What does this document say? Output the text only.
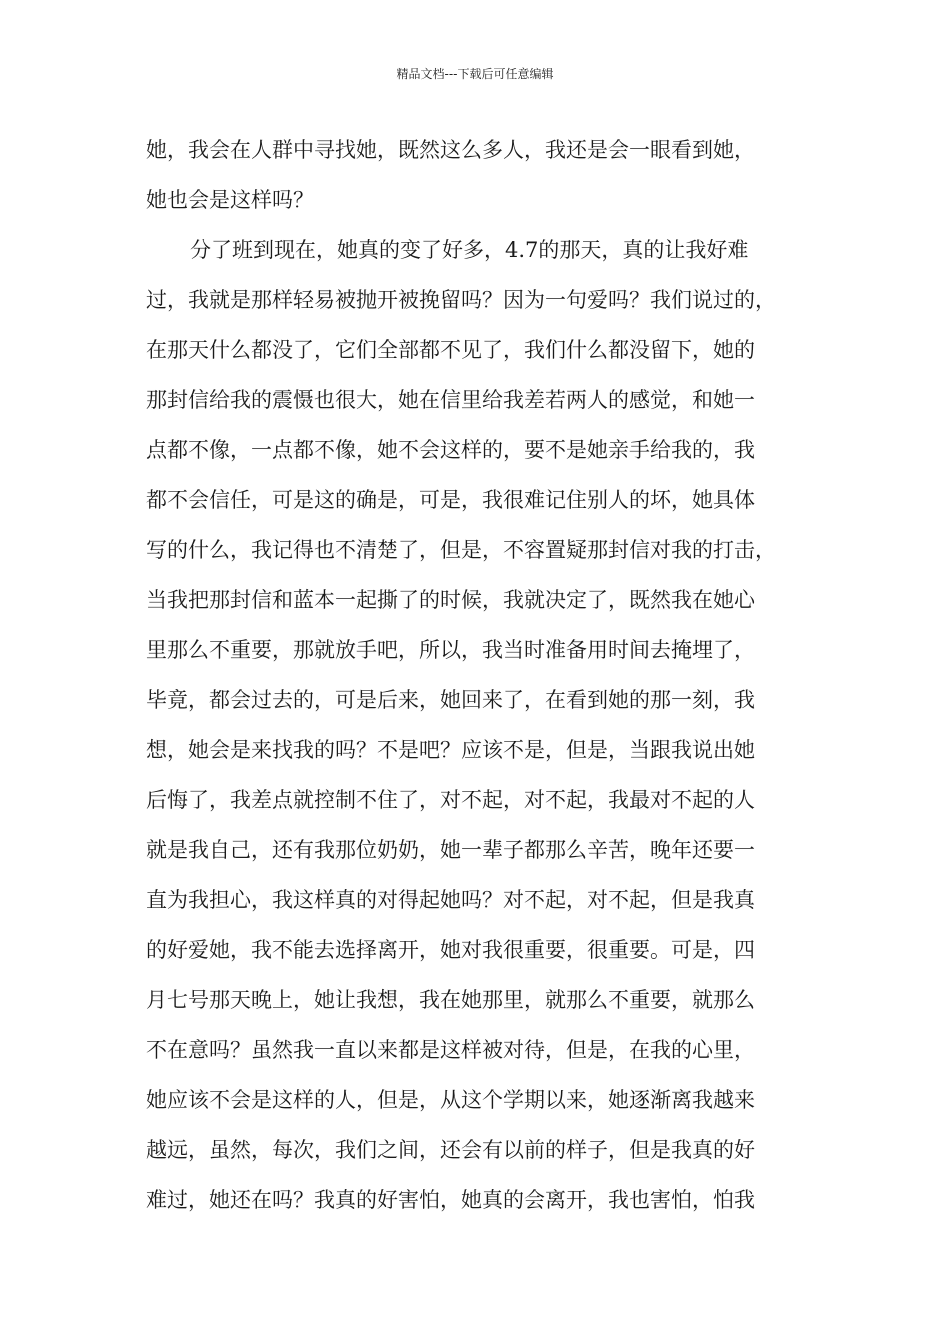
精品文档---下载后可任意编辑
她，我会在人群中寻找她，既然这么多人，我还是会一眼看到她，
她也会是这样吗？
分了班到现在，她真的变了好多，4.7的那天，真的让我好难
过，我就是那样轻易被抛开被挽留吗？因为一句爱吗？我们说过的，
在那天什么都没了，它们全部都不见了，我们什么都没留下，她的
那封信给我的震慑也很大，她在信里给我差若两人的感觉，和她一
点都不像，一点都不像，她不会这样的，要不是她亲手给我的，我
都不会信任，可是这的确是，可是，我很难记住别人的坏，她具体
写的什么，我记得也不清楚了，但是，不容置疑那封信对我的打击，
当我把那封信和蓝本一起撕了的时候，我就决定了，既然我在她心
里那么不重要，那就放手吧，所以，我当时准备用时间去掩埋了，
毕竟，都会过去的，可是后来，她回来了，在看到她的那一刻，我
想，她会是来找我的吗？不是吧？应该不是，但是，当跟我说出她
后悔了，我差点就控制不住了，对不起，对不起，我最对不起的人
就是我自己，还有我那位奶奶，她一辈子都那么辛苦，晚年还要一
直为我担心，我这样真的对得起她吗？对不起，对不起，但是我真
的好爱她，我不能去选择离开，她对我很重要，很重要。可是，四
月七号那天晚上，她让我想，我在她那里，就那么不重要，就那么
不在意吗？虽然我一直以来都是这样被对待，但是，在我的心里，
她应该不会是这样的人，但是，从这个学期以来，她逐渐离我越来
越远，虽然，每次，我们之间，还会有以前的样子，但是我真的好
难过，她还在吗？我真的好害怕，她真的会离开，我也害怕，怕我
